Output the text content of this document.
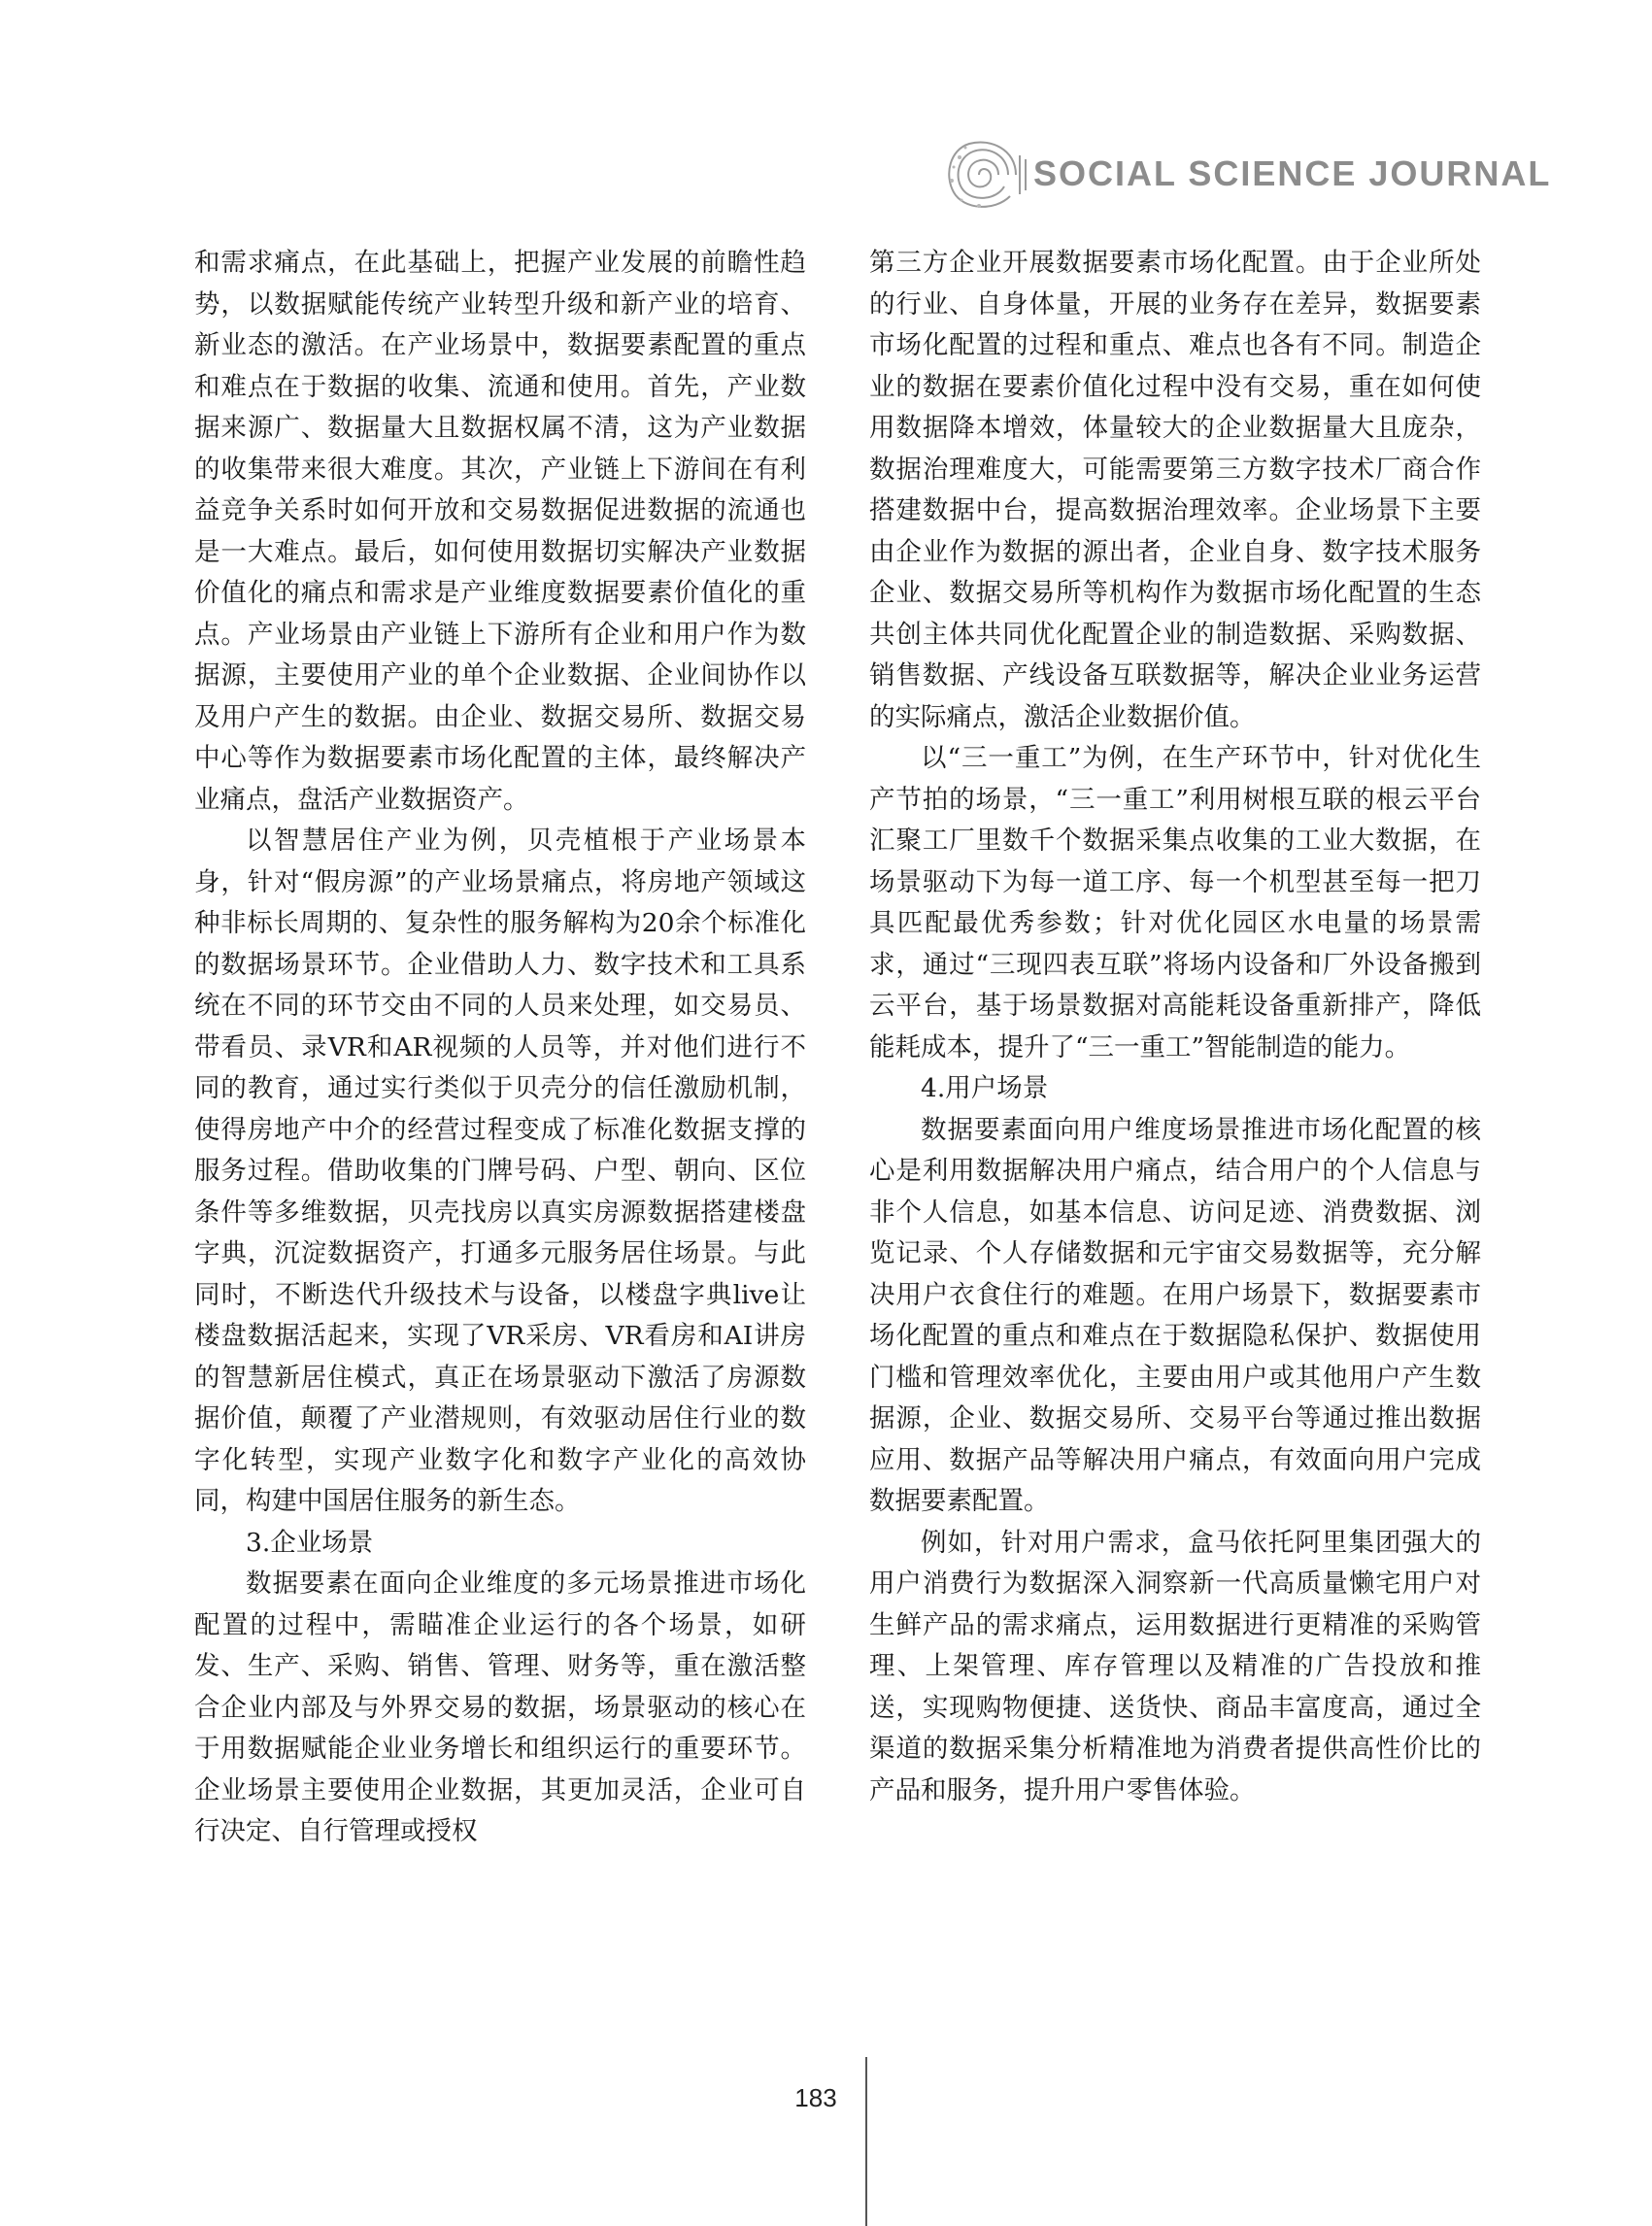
SOCIAL SCIENCE JOURNAL

和需求痛点，在此基础上，把握产业发展的前瞻性趋势，以数据赋能传统产业转型升级和新产业的培育、新业态的激活。在产业场景中，数据要素配置的重点和难点在于数据的收集、流通和使用。首先，产业数据来源广、数据量大且数据权属不清，这为产业数据的收集带来很大难度。其次，产业链上下游间在有利益竞争关系时如何开放和交易数据促进数据的流通也是一大难点。最后，如何使用数据切实解决产业数据价值化的痛点和需求是产业维度数据要素价值化的重点。产业场景由产业链上下游所有企业和用户作为数据源，主要使用产业的单个企业数据、企业间协作以及用户产生的数据。由企业、数据交易所、数据交易中心等作为数据要素市场化配置的主体，最终解决产业痛点，盘活产业数据资产。

以智慧居住产业为例，贝壳植根于产业场景本身，针对“假房源”的产业场景痛点，将房地产领域这种非标长周期的、复杂性的服务解构为20余个标准化的数据场景环节。企业借助人力、数字技术和工具系统在不同的环节交由不同的人员来处理，如交易员、带看员、录VR和AR视频的人员等，并对他们进行不同的教育，通过实行类似于贝壳分的信任激励机制，使得房地产中介的经营过程变成了标准化数据支撑的服务过程。借助收集的门牌号码、户型、朝向、区位条件等多维数据，贝壳找房以真实房源数据搭建楼盘字典，沉淀数据资产，打通多元服务居住场景。与此同时，不断迭代升级技术与设备，以楼盘字典live让楼盘数据活起来，实现了VR采房、VR看房和AI讲房的智慧新居住模式，真正在场景驱动下激活了房源数据价值，颠覆了产业潜规则，有效驱动居住行业的数字化转型，实现产业数字化和数字产业化的高效协同，构建中国居住服务的新生态。

3.企业场景

数据要素在面向企业维度的多元场景推进市场化配置的过程中，需瞄准企业运行的各个场景，如研发、生产、采购、销售、管理、财务等，重在激活整合企业内部及与外界交易的数据，场景驱动的核心在于用数据赋能企业业务增长和组织运行的重要环节。企业场景主要使用企业数据，其更加灵活，企业可自行决定、自行管理或授权

第三方企业开展数据要素市场化配置。由于企业所处的行业、自身体量，开展的业务存在差异，数据要素市场化配置的过程和重点、难点也各有不同。制造企业的数据在要素价值化过程中没有交易，重在如何使用数据降本增效，体量较大的企业数据量大且庞杂，数据治理难度大，可能需要第三方数字技术厂商合作搭建数据中台，提高数据治理效率。企业场景下主要由企业作为数据的源出者，企业自身、数字技术服务企业、数据交易所等机构作为数据市场化配置的生态共创主体共同优化配置企业的制造数据、采购数据、销售数据、产线设备互联数据等，解决企业业务运营的实际痛点，激活企业数据价值。

以“三一重工”为例，在生产环节中，针对优化生产节拍的场景，“三一重工”利用树根互联的根云平台汇聚工厂里数千个数据采集点收集的工业大数据，在场景驱动下为每一道工序、每一个机型甚至每一把刀具匹配最优秀参数；针对优化园区水电量的场景需求，通过“三现四表互联”将场内设备和厂外设备搬到云平台，基于场景数据对高能耗设备重新排产，降低能耗成本，提升了“三一重工”智能制造的能力。

4.用户场景

数据要素面向用户维度场景推进市场化配置的核心是利用数据解决用户痛点，结合用户的个人信息与非个人信息，如基本信息、访问足迹、消费数据、浏览记录、个人存储数据和元宇宙交易数据等，充分解决用户衣食住行的难题。在用户场景下，数据要素市场化配置的重点和难点在于数据隐私保护、数据使用门槛和管理效率优化，主要由用户或其他用户产生数据源，企业、数据交易所、交易平台等通过推出数据应用、数据产品等解决用户痛点，有效面向用户完成数据要素配置。

例如，针对用户需求，盒马依托阿里集团强大的用户消费行为数据深入洞察新一代高质量懒宅用户对生鲜产品的需求痛点，运用数据进行更精准的采购管理、上架管理、库存管理以及精准的广告投放和推送，实现购物便捷、送货快、商品丰富度高，通过全渠道的数据采集分析精准地为消费者提供高性价比的产品和服务，提升用户零售体验。

183
